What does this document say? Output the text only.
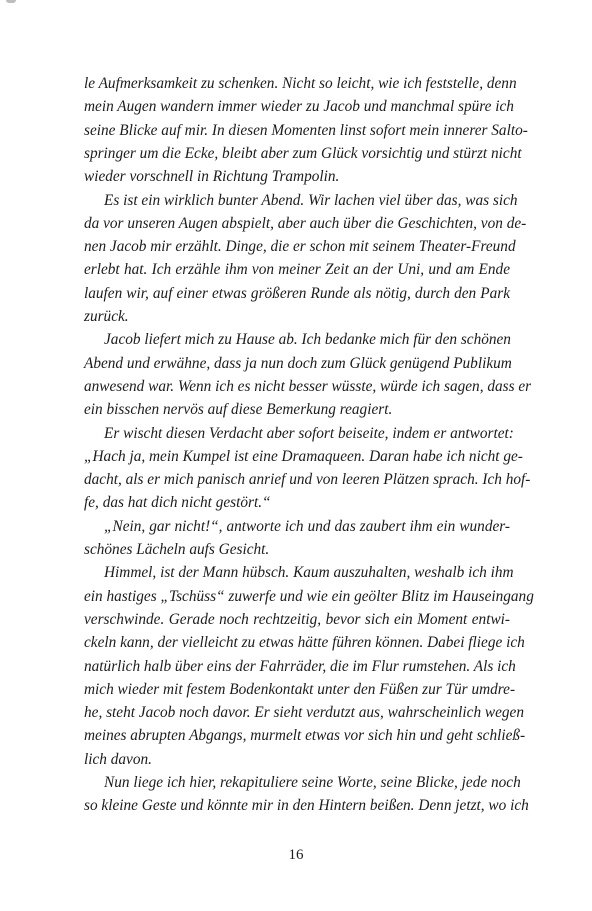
le Aufmerksamkeit zu schenken. Nicht so leicht, wie ich feststelle, denn
mein Augen wandern immer wieder zu Jacob und manchmal spüre ich
seine Blicke auf mir. In diesen Momenten linst sofort mein innerer Salto-
springer um die Ecke, bleibt aber zum Glück vorsichtig und stürzt nicht
wieder vorschnell in Richtung Trampolin.
Es ist ein wirklich bunter Abend. Wir lachen viel über das, was sich
da vor unseren Augen abspielt, aber auch über die Geschichten, von de-
nen Jacob mir erzählt. Dinge, die er schon mit seinem Theater-Freund
erlebt hat. Ich erzähle ihm von meiner Zeit an der Uni, und am Ende
laufen wir, auf einer etwas größeren Runde als nötig, durch den Park
zurück.
Jacob liefert mich zu Hause ab. Ich bedanke mich für den schönen
Abend und erwähne, dass ja nun doch zum Glück genügend Publikum
anwesend war. Wenn ich es nicht besser wüsste, würde ich sagen, dass er
ein bisschen nervös auf diese Bemerkung reagiert.
Er wischt diesen Verdacht aber sofort beiseite, indem er antwortet:
„Hach ja, mein Kumpel ist eine Dramaqueen. Daran habe ich nicht ge-
dacht, als er mich panisch anrief und von leeren Plätzen sprach. Ich hof-
fe, das hat dich nicht gestört.“
„Nein, gar nicht!“, antworte ich und das zaubert ihm ein wunder-
schönes Lächeln aufs Gesicht.
Himmel, ist der Mann hübsch. Kaum auszuhalten, weshalb ich ihm
ein hastiges „Tschüss“ zuwerfe und wie ein geölter Blitz im Hauseingang
verschwinde. Gerade noch rechtzeitig, bevor sich ein Moment entwi-
ckeln kann, der vielleicht zu etwas hätte führen können. Dabei fliege ich
natürlich halb über eins der Fahrräder, die im Flur rumstehen. Als ich
mich wieder mit festem Bodenkontakt unter den Füßen zur Tür umdre-
he, steht Jacob noch davor. Er sieht verdutzt aus, wahrscheinlich wegen
meines abrupten Abgangs, murmelt etwas vor sich hin und geht schließ-
lich davon.
Nun liege ich hier, rekapituliere seine Worte, seine Blicke, jede noch
so kleine Geste und könnte mir in den Hintern beißen. Denn jetzt, wo ich
16
